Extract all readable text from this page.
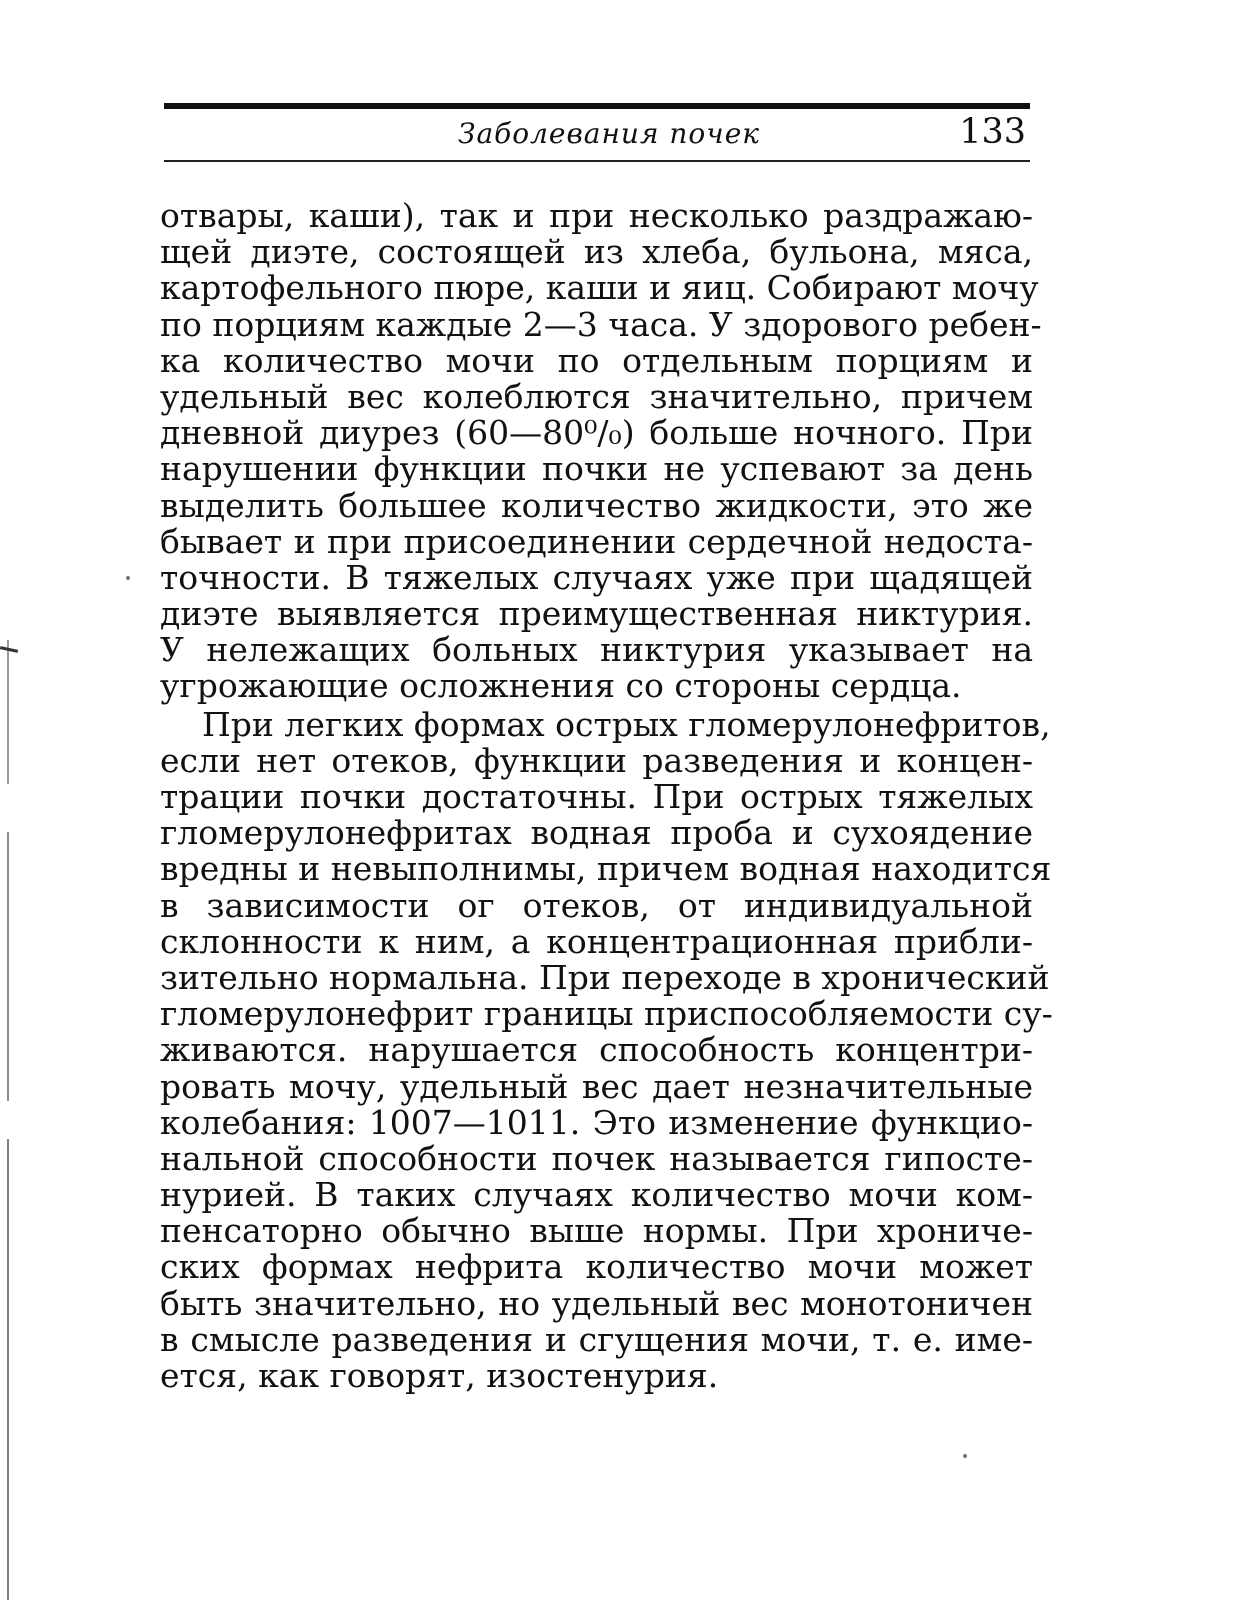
Заболевания почек	133
отвары, каши), так и при несколько раздражаю-
щей диэте, состоящей из хлеба, бульона, мяса,
картофельного пюре, каши и яиц. Собирают мочу
по порциям каждые 2—3 часа. У здорового ребен-
ка количество мочи по отдельным порциям и
удельный вес колеблются значительно, причем
дневной диурез (60—80⁰/₀) больше ночного. При
нарушении функции почки не успевают за день
выделить большее количество жидкости, это же
бывает и при присоединении сердечной недоста-
точности. В тяжелых случаях уже при щадящей
диэте выявляется преимущественная никтурия.
У нележащих больных никтурия указывает на
угрожающие осложнения со стороны сердца.
При легких формах острых гломерулонефритов,
если нет отеков, функции разведения и концен-
трации почки достаточны. При острых тяжелых
гломерулонефритах водная проба и сухоядение
вредны и невыполнимы, причем водная находится
в зависимости ог отеков, от индивидуальной
склонности к ним, а концентрационная прибли-
зительно нормальна. При переходе в хронический
гломерулонефрит границы приспособляемости су-
живаются. нарушается способность концентри-
ровать мочу, удельный вес дает незначительные
колебания: 1007—1011. Это изменение функцио-
нальной способности почек называется гипосте-
нурией. В таких случаях количество мочи ком-
пенсаторно обычно выше нормы. При хрониче-
ских формах нефрита количество мочи может
быть значительно, но удельный вес монотоничен
в смысле разведения и сгущения мочи, т. е. име-
ется, как говорят, изостенурия.
